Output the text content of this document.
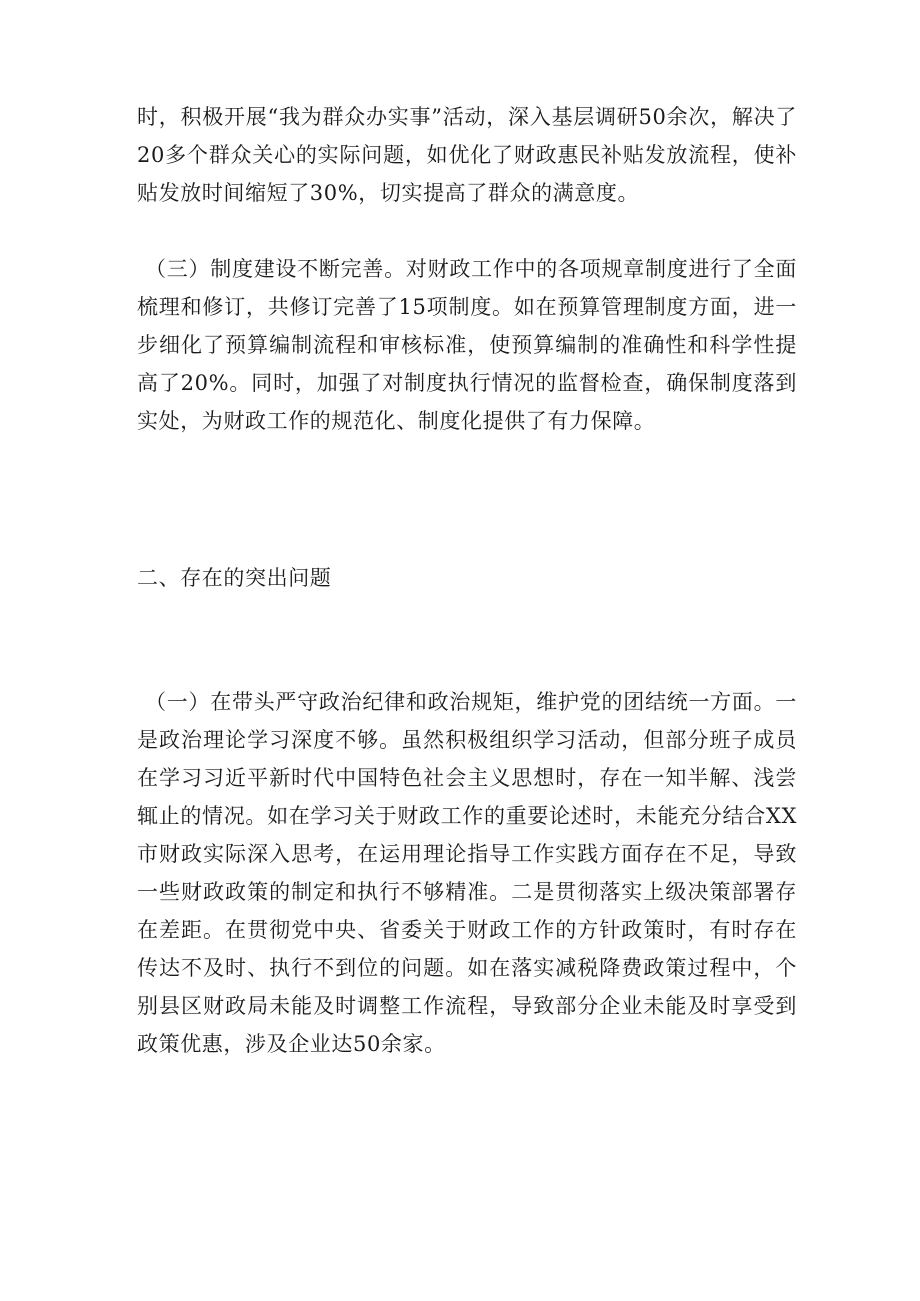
时，积极开展“我为群众办实事”活动，深入基层调研50余次，解决了20多个群众关心的实际问题，如优化了财政惠民补贴发放流程，使补贴发放时间缩短了30%，切实提高了群众的满意度。

（三）制度建设不断完善。对财政工作中的各项规章制度进行了全面梳理和修订，共修订完善了15项制度。如在预算管理制度方面，进一步细化了预算编制流程和审核标准，使预算编制的准确性和科学性提高了20%。同时，加强了对制度执行情况的监督检查，确保制度落到实处，为财政工作的规范化、制度化提供了有力保障。

二、存在的突出问题

（一）在带头严守政治纪律和政治规矩，维护党的团结统一方面。一是政治理论学习深度不够。虽然积极组织学习活动，但部分班子成员在学习习近平新时代中国特色社会主义思想时，存在一知半解、浅尝辄止的情况。如在学习关于财政工作的重要论述时，未能充分结合XX市财政实际深入思考，在运用理论指导工作实践方面存在不足，导致一些财政政策的制定和执行不够精准。二是贯彻落实上级决策部署存在差距。在贯彻党中央、省委关于财政工作的方针政策时，有时存在传达不及时、执行不到位的问题。如在落实减税降费政策过程中，个别县区财政局未能及时调整工作流程，导致部分企业未能及时享受到政策优惠，涉及企业达50余家。
